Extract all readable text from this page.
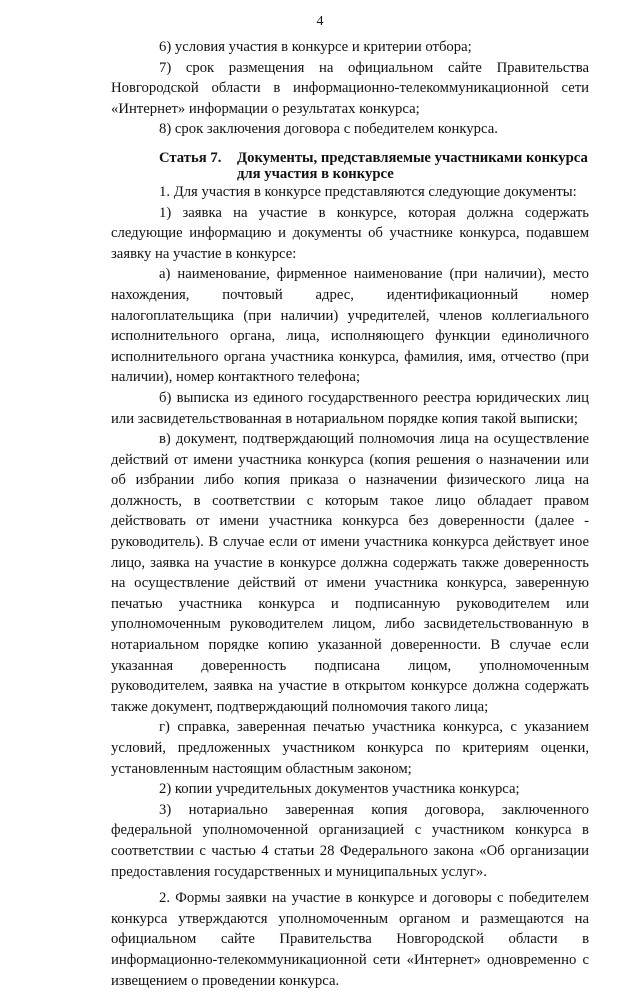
4

6) условия участия в конкурсе и критерии отбора;

7) срок размещения на официальном сайте Правительства Новгородской области в информационно-телекоммуникационной сети «Интернет» информации о результатах конкурса;

8) срок заключения договора с победителем конкурса.

Статья 7.	Документы, представляемые участниками конкурса для участия в конкурсе

1. Для участия в конкурсе представляются следующие документы:

1) заявка на участие в конкурсе, которая должна содержать следующие информацию и документы об участнике конкурса, подавшем заявку на участие в конкурсе:

а) наименование, фирменное наименование (при наличии), место нахождения, почтовый адрес, идентификационный номер налогоплательщика (при наличии) учредителей, членов коллегиального исполнительного органа, лица, исполняющего функции единоличного исполнительного органа участника конкурса, фамилия, имя, отчество (при наличии), номер контактного телефона;

б) выписка из единого государственного реестра юридических лиц или засвидетельствованная в нотариальном порядке копия такой выписки;

в) документ, подтверждающий полномочия лица на осуществление действий от имени участника конкурса (копия решения о назначении или об избрании либо копия приказа о назначении физического лица на должность, в соответствии с которым такое лицо обладает правом действовать от имени участника конкурса без доверенности (далее - руководитель). В случае если от имени участника конкурса действует иное лицо, заявка на участие в конкурсе должна содержать также доверенность на осуществление действий от имени участника конкурса, заверенную печатью участника конкурса и подписанную руководителем или уполномоченным руководителем лицом, либо засвидетельствованную в нотариальном порядке копию указанной доверенности. В случае если указанная доверенность подписана лицом, уполномоченным руководителем, заявка на участие в открытом конкурсе должна содержать также документ, подтверждающий полномочия такого лица;

г) справка, заверенная печатью участника конкурса, с указанием условий, предложенных участником конкурса по критериям оценки, установленным настоящим областным законом;

2) копии учредительных документов участника конкурса;

3) нотариально заверенная копия договора, заключенного федеральной уполномоченной организацией с участником конкурса в соответствии с частью 4 статьи 28 Федерального закона «Об организации предоставления государственных и муниципальных услуг».

2. Формы заявки на участие в конкурсе и договоры с победителем конкурса утверждаются уполномоченным органом и размещаются на официальном сайте Правительства Новгородской области в информационно-телекоммуникационной сети «Интернет» одновременно с извещением о проведении конкурса.
